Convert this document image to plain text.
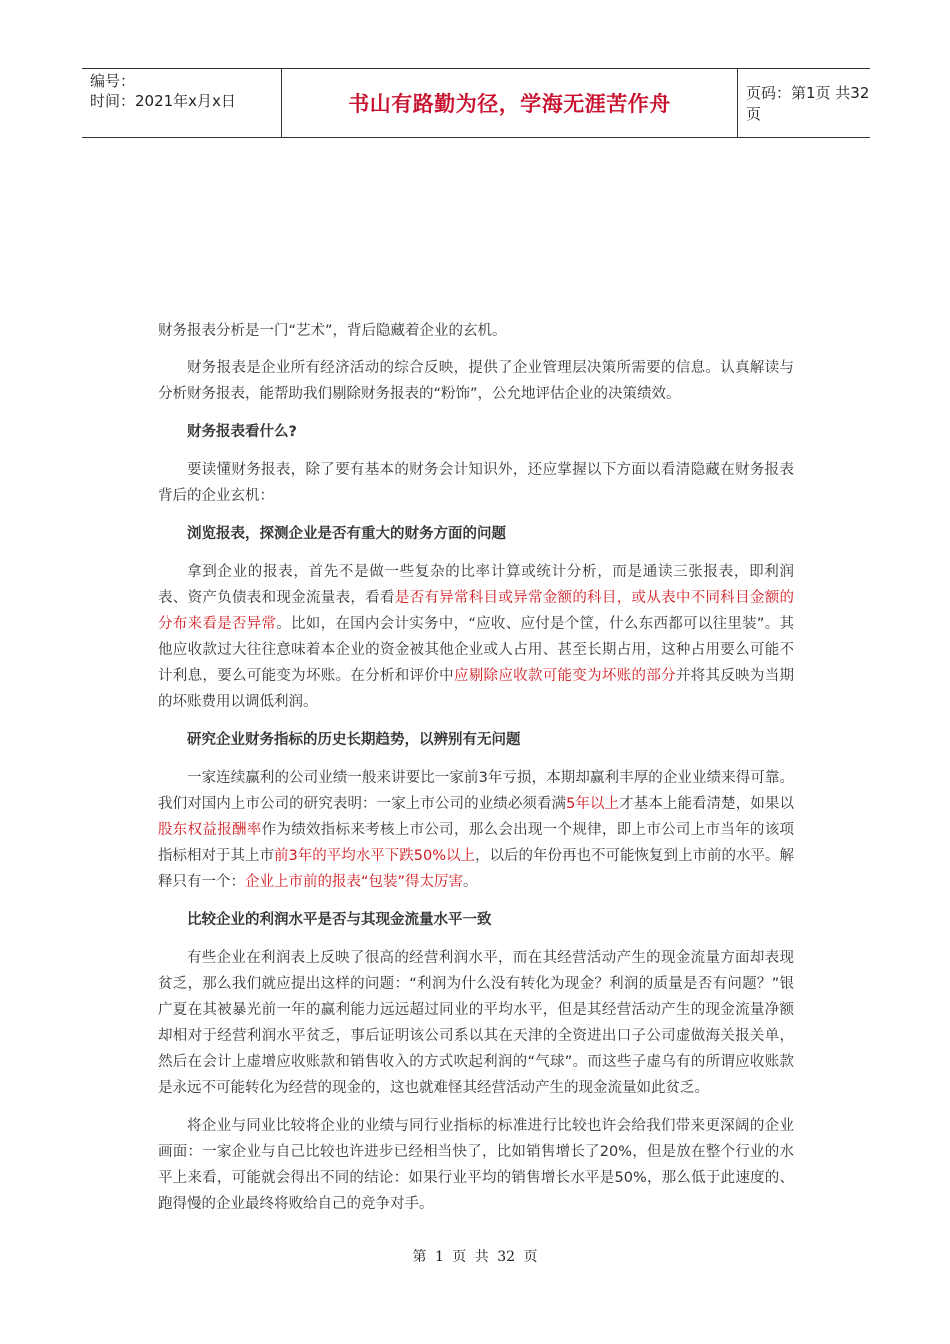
编号：
时间：2021年x月x日	书山有路勤为径，学海无涯苦作舟	页码：第1页 共32页

财务报表分析是一门“艺术”，背后隐藏着企业的玄机。

财务报表是企业所有经济活动的综合反映，提供了企业管理层决策所需要的信息。认真解读与分析财务报表，能帮助我们剔除财务报表的“粉饰”，公允地评估企业的决策绩效。

财务报表看什么?

要读懂财务报表，除了要有基本的财务会计知识外，还应掌握以下方面以看清隐藏在财务报表背后的企业玄机：

浏览报表，探测企业是否有重大的财务方面的问题

拿到企业的报表，首先不是做一些复杂的比率计算或统计分析，而是通读三张报表，即利润表、资产负债表和现金流量表，看看是否有异常科目或异常金额的科目，或从表中不同科目金额的分布来看是否异常。比如，在国内会计实务中，“应收、应付是个筐，什么东西都可以往里装”。其他应收款过大往往意味着本企业的资金被其他企业或人占用、甚至长期占用，这种占用要么可能不计利息，要么可能变为坏账。在分析和评价中应剔除应收款可能变为坏账的部分并将其反映为当期的坏账费用以调低利润。

研究企业财务指标的历史长期趋势，以辨别有无问题

一家连续赢利的公司业绩一般来讲要比一家前3年亏损，本期却赢利丰厚的企业业绩来得可靠。我们对国内上市公司的研究表明：一家上市公司的业绩必须看满5年以上才基本上能看清楚，如果以股东权益报酬率作为绩效指标来考核上市公司，那么会出现一个规律，即上市公司上市当年的该项指标相对于其上市前3年的平均水平下跌50%以上，以后的年份再也不可能恢复到上市前的水平。解释只有一个：企业上市前的报表“包装”得太厉害。

比较企业的利润水平是否与其现金流量水平一致

有些企业在利润表上反映了很高的经营利润水平，而在其经营活动产生的现金流量方面却表现贫乏，那么我们就应提出这样的问题：“利润为什么没有转化为现金？利润的质量是否有问题？”银广夏在其被暴光前一年的赢利能力远远超过同业的平均水平，但是其经营活动产生的现金流量净额却相对于经营利润水平贫乏，事后证明该公司系以其在天津的全资进出口子公司虚做海关报关单，然后在会计上虚增应收账款和销售收入的方式吹起利润的“气球”。而这些子虚乌有的所谓应收账款是永远不可能转化为经营的现金的，这也就难怪其经营活动产生的现金流量如此贫乏。

将企业与同业比较将企业的业绩与同行业指标的标准进行比较也许会给我们带来更深阔的企业画面：一家企业与自己比较也许进步已经相当快了，比如销售增长了20%，但是放在整个行业的水平上来看，可能就会得出不同的结论：如果行业平均的销售增长水平是50%，那么低于此速度的、跑得慢的企业最终将败给自己的竞争对手。

第 1 页 共 32 页
